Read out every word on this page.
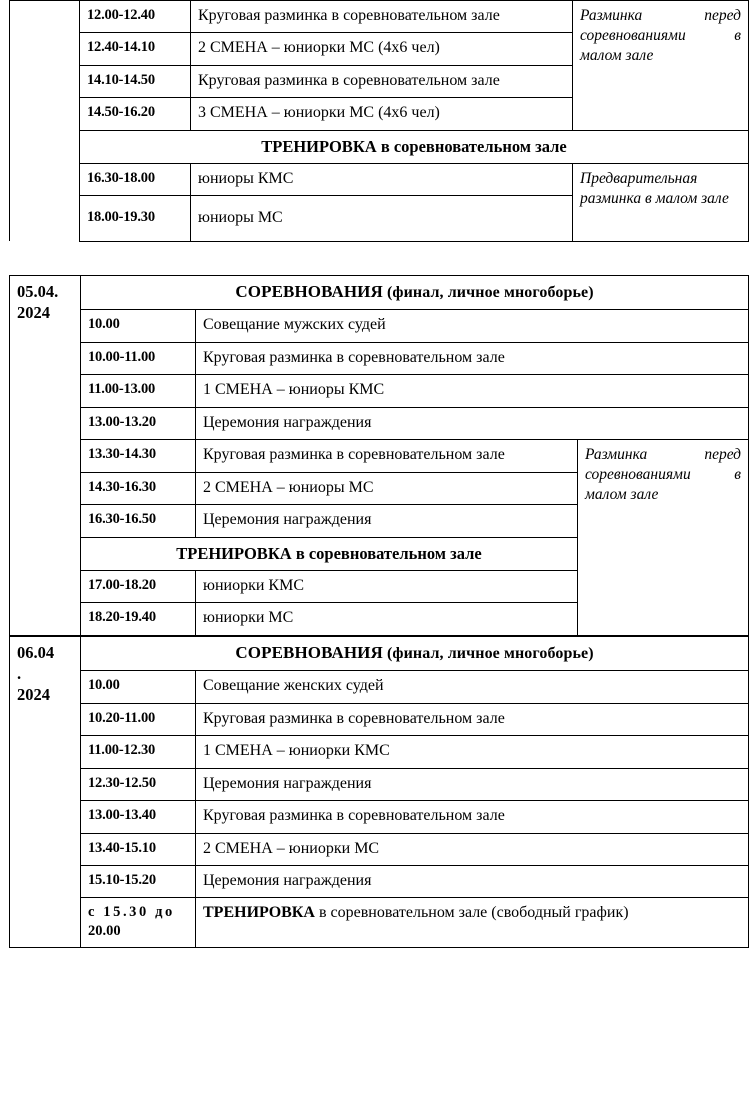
	12.00-12.40	Круговая разминка в соревновательном зале	Разминка перед соревнованиями в малом зале
	12.40-14.10	2 СМЕНА – юниорки МС (4х6 чел)	
	14.10-14.50	Круговая разминка в соревновательном зале	
	14.50-16.20	3 СМЕНА – юниорки МС (4х6 чел)	
	ТРЕНИРОВКА в соревновательном зале		
	16.30-18.00	юниоры КМС	Предварительная разминка в малом зале
	18.00-19.30	юниоры МС	
05.04.
2024	СОРЕВНОВАНИЯ (финал, личное многоборье)		
	10.00	Совещание мужских судей	
	10.00-11.00	Круговая разминка в соревновательном зале	
	11.00-13.00	1 СМЕНА – юниоры КМС	
	13.00-13.20	Церемония награждения	
	13.30-14.30	Круговая разминка в соревновательном зале	Разминка перед соревнованиями в малом зале
	14.30-16.30	2 СМЕНА – юниоры МС	
	16.30-16.50	Церемония награждения	
	ТРЕНИРОВКА в соревновательном зале		
	17.00-18.20	юниорки КМС	
	18.20-19.40	юниорки МС	

06.04
.
2024	СОРЕВНОВАНИЯ (финал, личное многоборье)		
	10.00	Совещание женских судей	
	10.20-11.00	Круговая разминка в соревновательном зале	
	11.00-12.30	1 СМЕНА – юниорки КМС	
	12.30-12.50	Церемония награждения	
	13.00-13.40	Круговая разминка в соревновательном зале	
	13.40-15.10	2 СМЕНА – юниорки МС	
	15.10-15.20	Церемония награждения	
	с 15.30 до 20.00	ТРЕНИРОВКА в соревновательном зале (свободный график)	
